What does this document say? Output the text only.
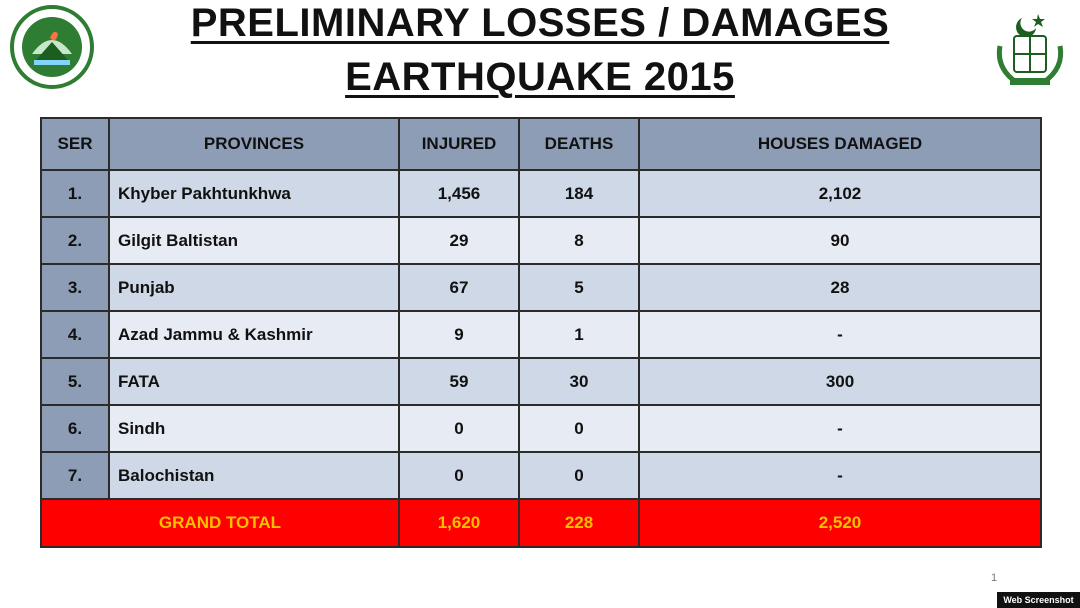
PRELIMINARY LOSSES / DAMAGES
EARTHQUAKE 2015
SER	PROVINCES	INJURED	DEATHS	HOUSES DAMAGED
1.	Khyber Pakhtunkhwa	1,456	184	2,102
2.	Gilgit Baltistan	29	8	90
3.	Punjab	67	5	28
4.	Azad Jammu & Kashmir	9	1	-
5.	FATA	59	30	300
6.	Sindh	0	0	-
7.	Balochistan	0	0	-
GRAND TOTAL		1,620	228	2,520
1
Web Screenshot
